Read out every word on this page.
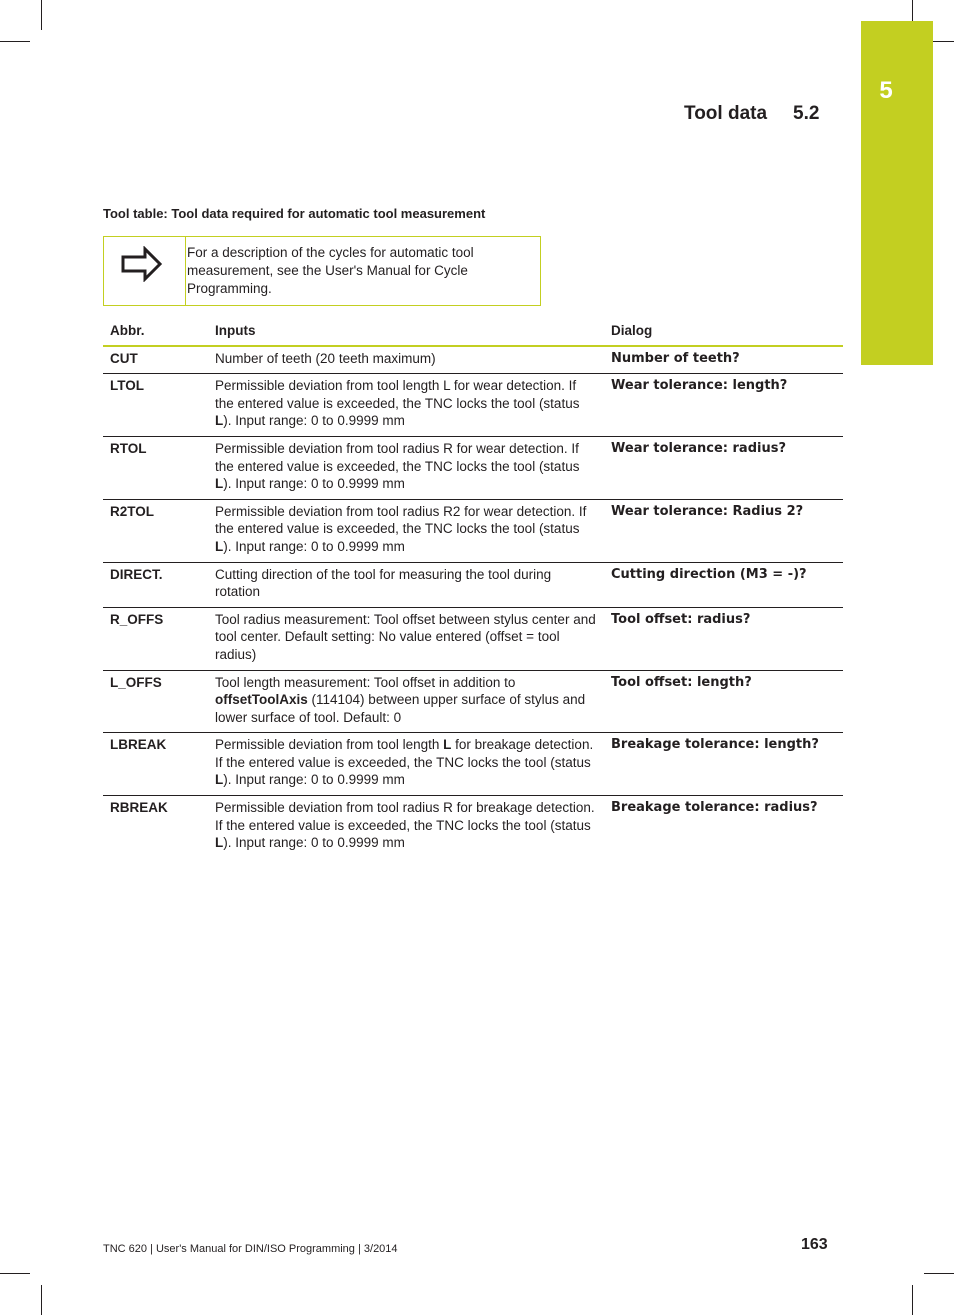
5
Tool data 5.2
Tool table: Tool data required for automatic tool measurement
For a description of the cycles for automatic tool measurement, see the User's Manual for Cycle Programming.
Abbr.	Inputs	Dialog
CUT	Number of teeth (20 teeth maximum)	Number of teeth?
LTOL	Permissible deviation from tool length L for wear detection. If the entered value is exceeded, the TNC locks the tool (status L). Input range: 0 to 0.9999 mm	Wear tolerance: length?
RTOL	Permissible deviation from tool radius R for wear detection. If the entered value is exceeded, the TNC locks the tool (status L). Input range: 0 to 0.9999 mm	Wear tolerance: radius?
R2TOL	Permissible deviation from tool radius R2 for wear detection. If the entered value is exceeded, the TNC locks the tool (status L). Input range: 0 to 0.9999 mm	Wear tolerance: Radius 2?
DIRECT.	Cutting direction of the tool for measuring the tool during rotation	Cutting direction (M3 = -)?
R_OFFS	Tool radius measurement: Tool offset between stylus center and tool center. Default setting: No value entered (offset = tool radius)	Tool offset: radius?
L_OFFS	Tool length measurement: Tool offset in addition to offsetToolAxis (114104) between upper surface of stylus and lower surface of tool. Default: 0	Tool offset: length?
LBREAK	Permissible deviation from tool length L for breakage detection. If the entered value is exceeded, the TNC locks the tool (status L). Input range: 0 to 0.9999 mm	Breakage tolerance: length?
RBREAK	Permissible deviation from tool radius R for breakage detection. If the entered value is exceeded, the TNC locks the tool (status L). Input range: 0 to 0.9999 mm	Breakage tolerance: radius?
TNC 620 | User's Manual for DIN/ISO Programming | 3/2014	163
